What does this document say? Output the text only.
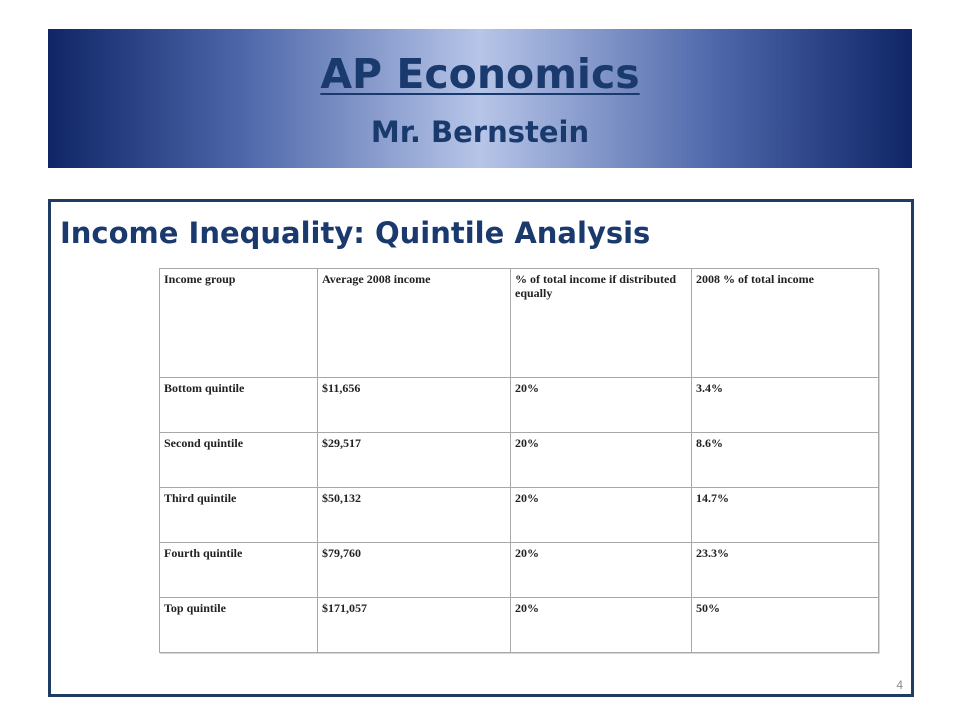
AP Economics
Mr. Bernstein
Income Inequality: Quintile Analysis
Income group	Average 2008 income	% of total income if distributed equally	2008 % of total income
Bottom quintile	$11,656	20%	3.4%
Second quintile	$29,517	20%	8.6%
Third quintile	$50,132	20%	14.7%
Fourth quintile	$79,760	20%	23.3%
Top quintile	$171,057	20%	50%
4
